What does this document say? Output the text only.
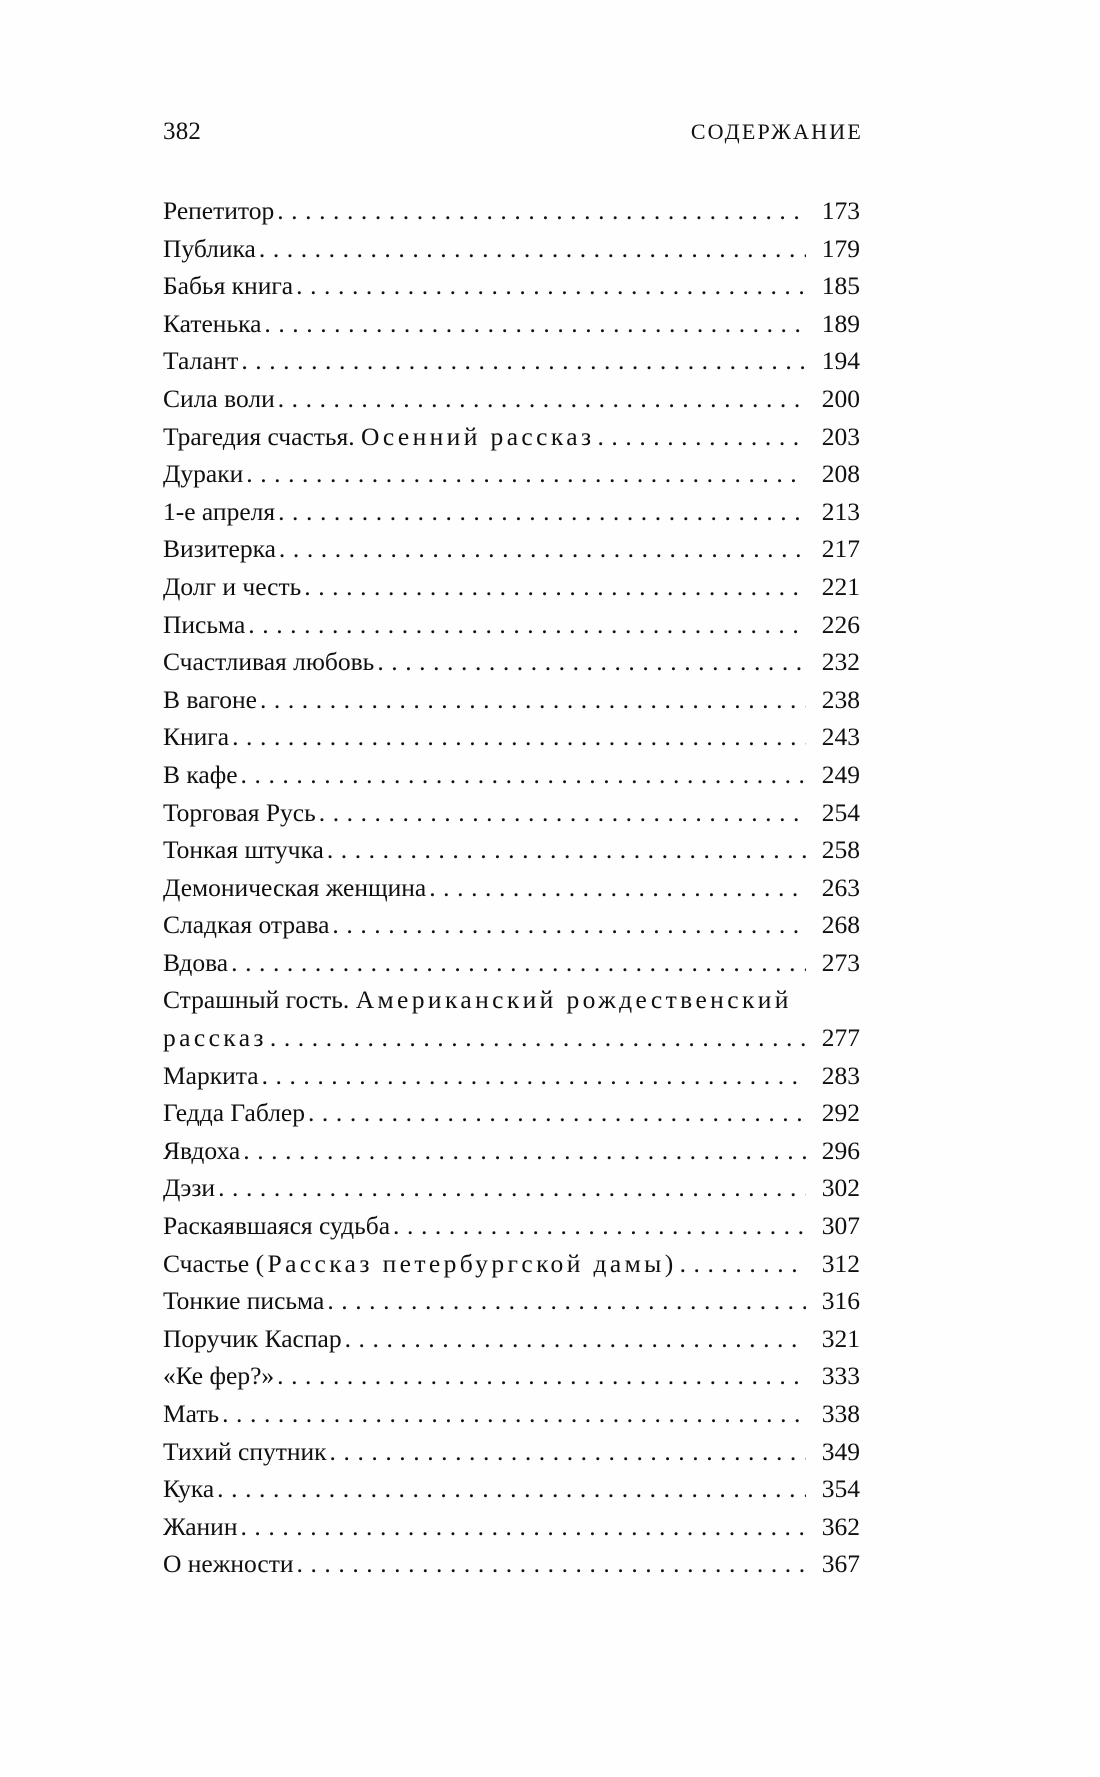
382	СОДЕРЖАНИЕ
Репетитор . . .	173
Публика . . .	179
Бабья книга . . .	185
Катенька . . .	189
Талант . . .	194
Сила воли . . .	200
Трагедия счастья. Осенний рассказ . . .	203
Дураки . . .	208
1-е апреля . . .	213
Визитерка . . .	217
Долг и честь . . .	221
Письма . . .	226
Счастливая любовь . . .	232
В вагоне . . .	238
Книга . . .	243
В кафе . . .	249
Торговая Русь . . .	254
Тонкая штучка . . .	258
Демоническая женщина . . .	263
Сладкая отрава . . .	268
Вдова . . .	273
Страшный гость. Американский рождественский
рассказ . . .	277
Маркита . . .	283
Гедда Габлер . . .	292
Явдоха . . .	296
Дэзи . . .	302
Раскаявшаяся судьба . . .	307
Счастье (Рассказ петербургской дамы) . . .	312
Тонкие письма . . .	316
Поручик Каспар . . .	321
«Ке фер?» . . .	333
Мать . . .	338
Тихий спутник . . .	349
Кука . . .	354
Жанин . . .	362
О нежности . . .	367
